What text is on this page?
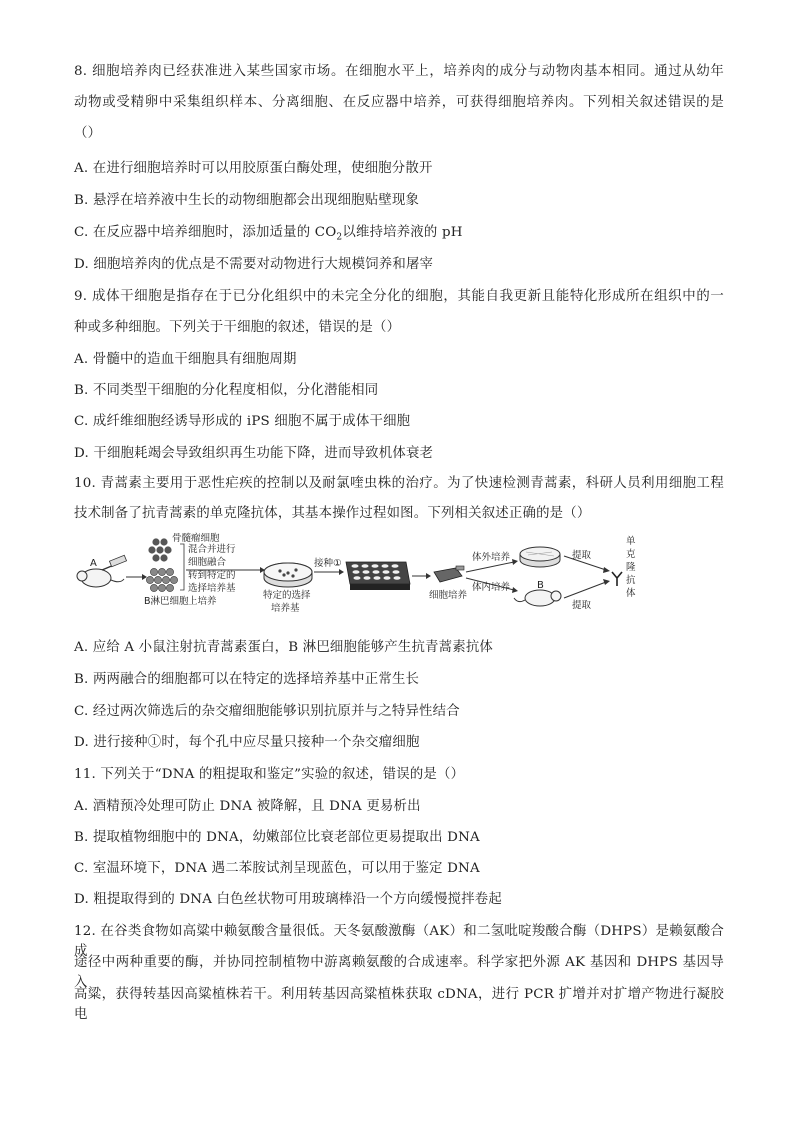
8. 细胞培养肉已经获准进入某些国家市场。在细胞水平上，培养肉的成分与动物肉基本相同。通过从幼年
动物或受精卵中采集组织样本、分离细胞、在反应器中培养，可获得细胞培养肉。下列相关叙述错误的是
（）
A. 在进行细胞培养时可以用胶原蛋白酶处理，使细胞分散开
B. 悬浮在培养液中生长的动物细胞都会出现细胞贴壁现象
C. 在反应器中培养细胞时，添加适量的 $CO_2$以维持培养液的 pH
D. 细胞培养肉的优点是不需要对动物进行大规模饲养和屠宰
9. 成体干细胞是指存在于已分化组织中的未完全分化的细胞，其能自我更新且能特化形成所在组织中的一
种或多种细胞。下列关于干细胞的叙述，错误的是（）
A. 骨髓中的造血干细胞具有细胞周期
B. 不同类型干细胞的分化程度相似，分化潜能相同
C. 成纤维细胞经诱导形成的 iPS 细胞不属于成体干细胞
D. 干细胞耗竭会导致组织再生功能下降，进而导致机体衰老
10. 青蒿素主要用于恶性疟疾的控制以及耐氯喹虫株的治疗。为了快速检测青蒿素，科研人员利用细胞工程
技术制备了抗青蒿素的单克隆抗体，其基本操作过程如图。下列相关叙述正确的是（）
A
骨髓瘤细胞
B淋巴细胞
混合并进行
细胞融合
转到特定的
选择培养基
上培养
特定的选择
培养基
接种①
细胞培养
体外培养
体内培养	B
提取
提取
单
克
隆
抗
体
A. 应给 A 小鼠注射抗青蒿素蛋白，B 淋巴细胞能够产生抗青蒿素抗体
B. 两两融合的细胞都可以在特定的选择培养基中正常生长
C. 经过两次筛选后的杂交瘤细胞能够识别抗原并与之特异性结合
D. 进行接种①时，每个孔中应尽量只接种一个杂交瘤细胞
11. 下列关于“DNA 的粗提取和鉴定”实验的叙述，错误的是（）
A. 酒精预冷处理可防止 DNA 被降解，且 DNA 更易析出
B. 提取植物细胞中的 DNA，幼嫩部位比衰老部位更易提取出 DNA
C. 室温环境下，DNA 遇二苯胺试剂呈现蓝色，可以用于鉴定 DNA
D. 粗提取得到的 DNA 白色丝状物可用玻璃棒沿一个方向缓慢搅拌卷起
12. 在谷类食物如高粱中赖氨酸含量很低。天冬氨酸激酶（AK）和二氢吡啶羧酸合酶（DHPS）是赖氨酸合成
途径中两种重要的酶，并协同控制植物中游离赖氨酸的合成速率。科学家把外源 AK 基因和 DHPS 基因导入
高粱，获得转基因高粱植株若干。利用转基因高粱植株获取 cDNA，进行 PCR 扩增并对扩增产物进行凝胶电
